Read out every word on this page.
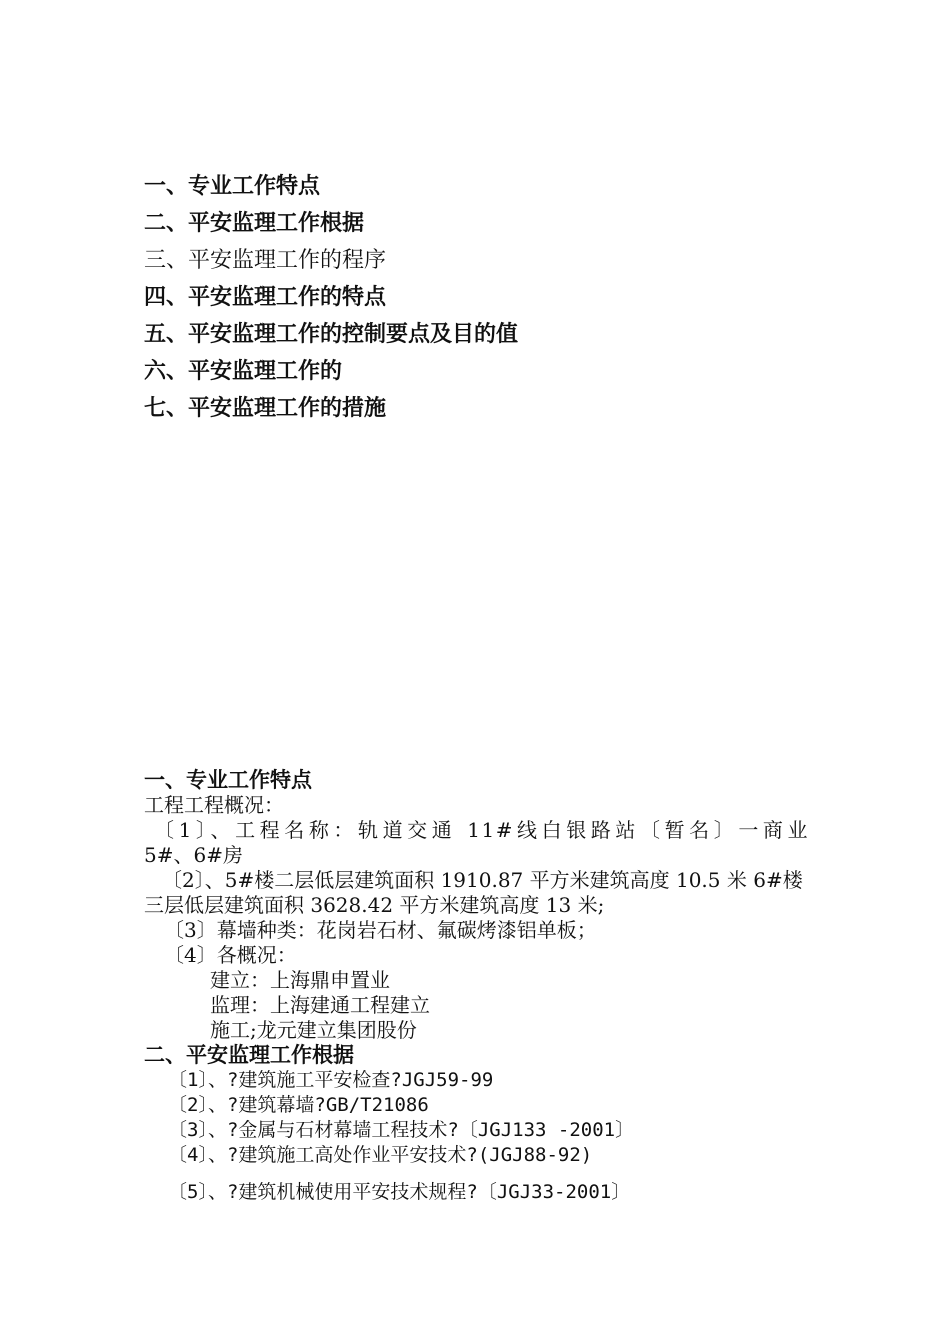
一、专业工作特点
二、平安监理工作根据
三、平安监理工作的程序
四、平安监理工作的特点
五、平安监理工作的控制要点及目的值
六、平安监理工作的
七、平安监理工作的措施
一、专业工作特点
工程工程概况：
〔1〕、工程名称：轨道交通 11#线白银路站〔暂名〕一商业
5#、6#房
〔2〕、5#楼二层低层建筑面积 1910.87 平方米建筑高度 10.5 米 6#楼三层低层建筑面积 3628.42 平方米建筑高度 13 米;
〔3〕幕墙种类：花岗岩石材、氟碳烤漆铝单板；
〔4〕各概况：
建立：上海鼎申置业
监理：上海建通工程建立
施工;龙元建立集团股份
二、平安监理工作根据
〔1〕、?建筑施工平安检查?JGJ59-99
〔2〕、?建筑幕墙?GB/T21086
〔3〕、?金属与石材幕墙工程技术?〔JGJ133 -2001〕
〔4〕、?建筑施工高处作业平安技术?(JGJ88-92)
〔5〕、?建筑机械使用平安技术规程?〔JGJ33-2001〕
